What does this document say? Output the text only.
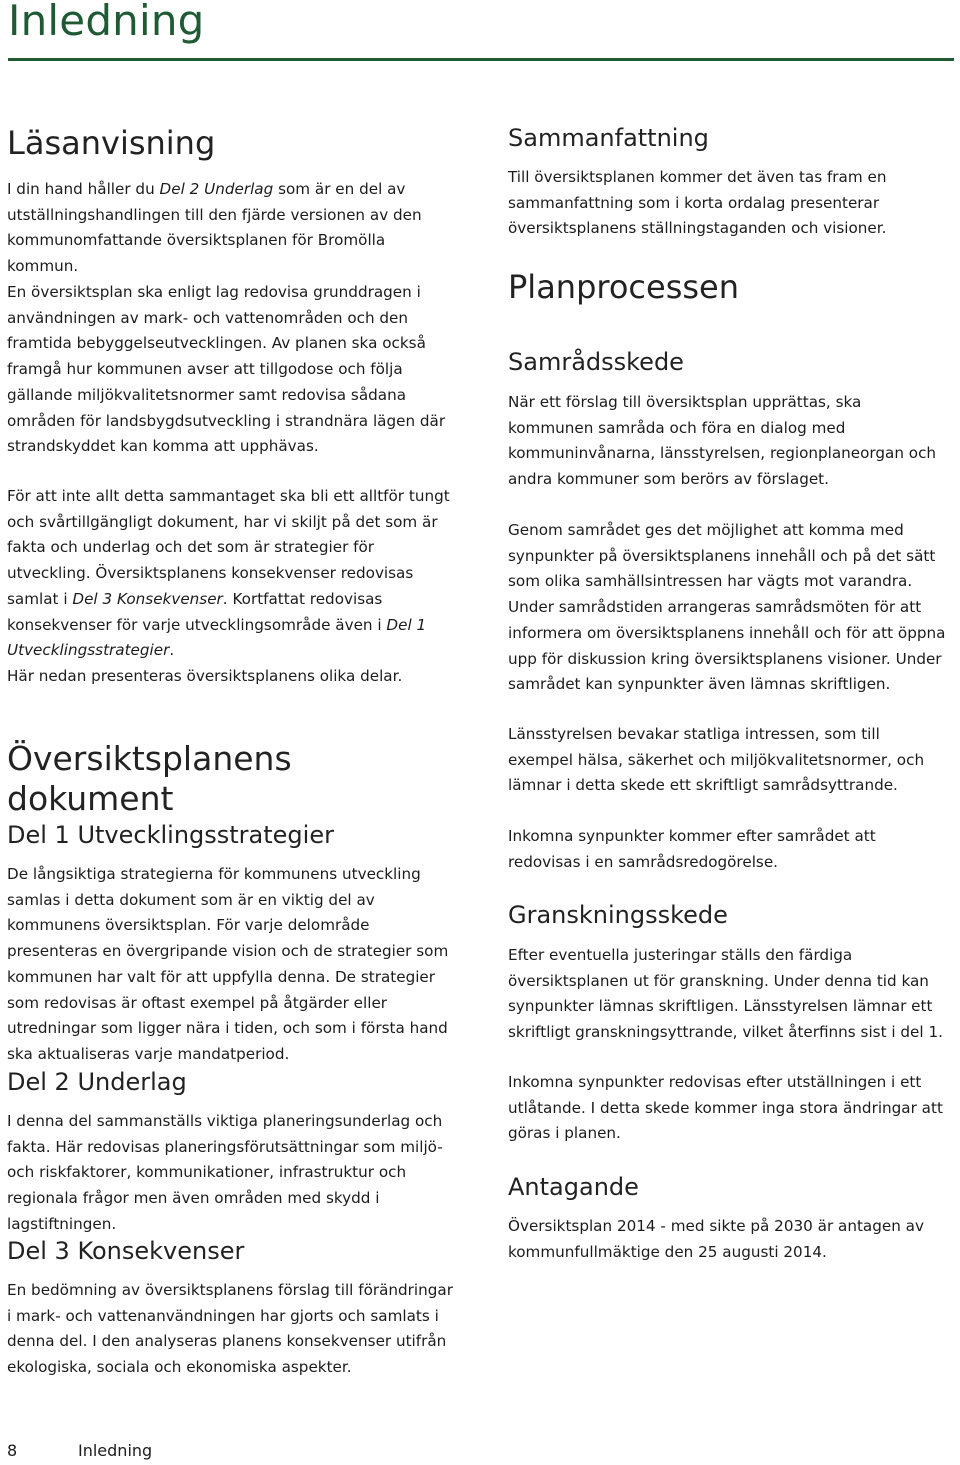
Inledning
Läsanvisning

I din hand håller du Del 2 Underlag som är en del av utställningshandlingen till den fjärde versionen av den kommunomfattande översiktsplanen för Bromölla kommun.

En översiktsplan ska enligt lag redovisa grunddragen i användningen av mark- och vattenområden och den framtida bebyggelseutvecklingen. Av planen ska också framgå hur kommunen avser att tillgodose och följa gällande miljökvalitetsnormer samt redovisa sådana områden för landsbygdsutveckling i strandnära lägen där strandskyddet kan komma att upphävas.

För att inte allt detta sammantaget ska bli ett alltför tungt och svårtillgängligt dokument, har vi skiljt på det som är fakta och underlag och det som är strategier för utveckling. Översiktsplanens konsekvenser redovisas samlat i Del 3 Konsekvenser. Kortfattat redovisas konsekvenser för varje utvecklingsområde även i Del 1 Utvecklingsstrategier.

Här nedan presenteras översiktsplanens olika delar.

Översiktsplanens dokument
Del 1 Utvecklingsstrategier

De långsiktiga strategierna för kommunens utveckling samlas i detta dokument som är en viktig del av kommunens översiktsplan. För varje delområde presenteras en övergripande vision och de strategier som kommunen har valt för att uppfylla denna. De strategier som redovisas är oftast exempel på åtgärder eller utredningar som ligger nära i tiden, och som i första hand ska aktualiseras varje mandatperiod.

Del 2 Underlag

I denna del sammanställs viktiga planeringsunderlag och fakta. Här redovisas planeringsförutsättningar som miljö- och riskfaktorer, kommunikationer, infrastruktur och regionala frågor men även områden med skydd i lagstiftningen.

Del 3 Konsekvenser

En bedömning av översiktsplanens förslag till förändringar i mark- och vattenanvändningen har gjorts och samlats i denna del. I den analyseras planens konsekvenser utifrån ekologiska, sociala och ekonomiska aspekter.

Sammanfattning

Till översiktsplanen kommer det även tas fram en sammanfattning som i korta ordalag presenterar översiktsplanens ställningstaganden och visioner.

Planprocessen
Samrådsskede

När ett förslag till översiktsplan upprättas, ska kommunen samråda och föra en dialog med kommuninvånarna, länsstyrelsen, regionplaneorgan och andra kommuner som berörs av förslaget.

Genom samrådet ges det möjlighet att komma med synpunkter på översiktsplanens innehåll och på det sätt som olika samhällsintressen har vägts mot varandra. Under samrådstiden arrangeras samrådsmöten för att informera om översiktsplanens innehåll och för att öppna upp för diskussion kring översiktsplanens visioner. Under samrådet kan synpunkter även lämnas skriftligen.

Länsstyrelsen bevakar statliga intressen, som till exempel hälsa, säkerhet och miljökvalitetsnormer, och lämnar i detta skede ett skriftligt samrådsyttrande.

Inkomna synpunkter kommer efter samrådet att redovisas i en samrådsredogörelse.

Granskningsskede

Efter eventuella justeringar ställs den färdiga översiktsplanen ut för granskning. Under denna tid kan synpunkter lämnas skriftligen. Länsstyrelsen lämnar ett skriftligt granskningsyttrande, vilket återfinns sist i del 1.

Inkomna synpunkter redovisas efter utställningen i ett utlåtande. I detta skede kommer inga stora ändringar att göras i planen.

Antagande

Översiktsplan 2014 - med sikte på 2030 är antagen av kommunfullmäktige den 25 augusti 2014.

8	Inledning
